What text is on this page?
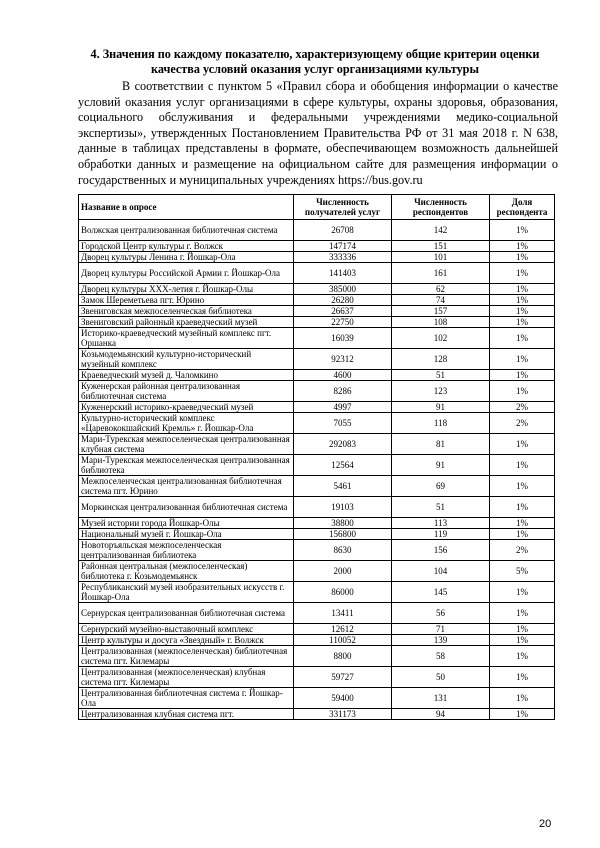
4. Значения по каждому показателю, характеризующему общие критерии оценки
качества условий оказания услуг организациями культуры
В соответствии с пунктом 5 «Правил сбора и обобщения информации о качестве условий оказания услуг организациями в сфере культуры, охраны здоровья, образования, социального обслуживания и федеральными учреждениями медико-социальной экспертизы», утвержденных Постановлением Правительства РФ от 31 мая 2018 г. N 638, данные в таблицах представлены в формате, обеспечивающем возможность дальнейшей обработки данных и размещение на официальном сайте для размещения информации о государственных и муниципальных учреждениях https://bus.gov.ru
Название в опросе	Численность получателей услуг	Численность респондентов	Доля респондента
Волжская централизованная библиотечная система	26708	142	1%
Городской Центр культуры г. Волжск	147174	151	1%
Дворец культуры Ленина г. Йошкар-Ола	333336	101	1%
Дворец культуры Российской Армии г. Йошкар-Ола	141403	161	1%
Дворец культуры XXX-летия г. Йошкар-Олы	385000	62	1%
Замок Шереметьева пгт. Юрино	26280	74	1%
Звениговская межпоселенческая библиотека	26637	157	1%
Звениговский районный краеведческий музей	22750	108	1%
Историко-краеведческий музейный комплекс пгт. Оршанка	16039	102	1%
Козьмодемьянский культурно-исторический музейный комплекс	92312	128	1%
Краеведческий музей д. Чаломкино	4600	51	1%
Куженерская районная централизованная библиотечная система	8286	123	1%
Куженерский историко-краеведческий музей	4997	91	2%
Культурно-исторический комплекс «Царевококшайский Кремль» г. Йошкар-Ола	7055	118	2%
Мари-Турекская межпоселенческая централизованная клубная система	292083	81	1%
Мари-Турекская межпоселенческая централизованная библиотека	12564	91	1%
Межпоселенческая централизованная библиотечная система пгт. Юрино	5461	69	1%
Моркинская централизованная библиотечная система	19103	51	1%
Музей истории города Йошкар-Олы	38800	113	1%
Национальный музей г. Йошкар-Ола	156800	119	1%
Новоторъяльская межпоселенческая централизованная библиотека	8630	156	2%
Районная центральная (межпоселенческая) библиотека г. Козьмодемьянск	2000	104	5%
Республиканский музей изобразительных искусств г. Йошкар-Ола	86000	145	1%
Сернурская централизованная библиотечная система	13411	56	1%
Сернурский музейно-выставочный комплекс	12612	71	1%
Центр культуры и досуга «Звездный» г. Волжск	110052	139	1%
Централизованная (межпоселенческая) библиотечная система пгт. Килемары	8800	58	1%
Централизованная (межпоселенческая) клубная система пгт. Килемары	59727	50	1%
Централизованная библиотечная система г. Йошкар-Ола	59400	131	1%
Централизованная клубная система пгт.	331173	94	1%
20
